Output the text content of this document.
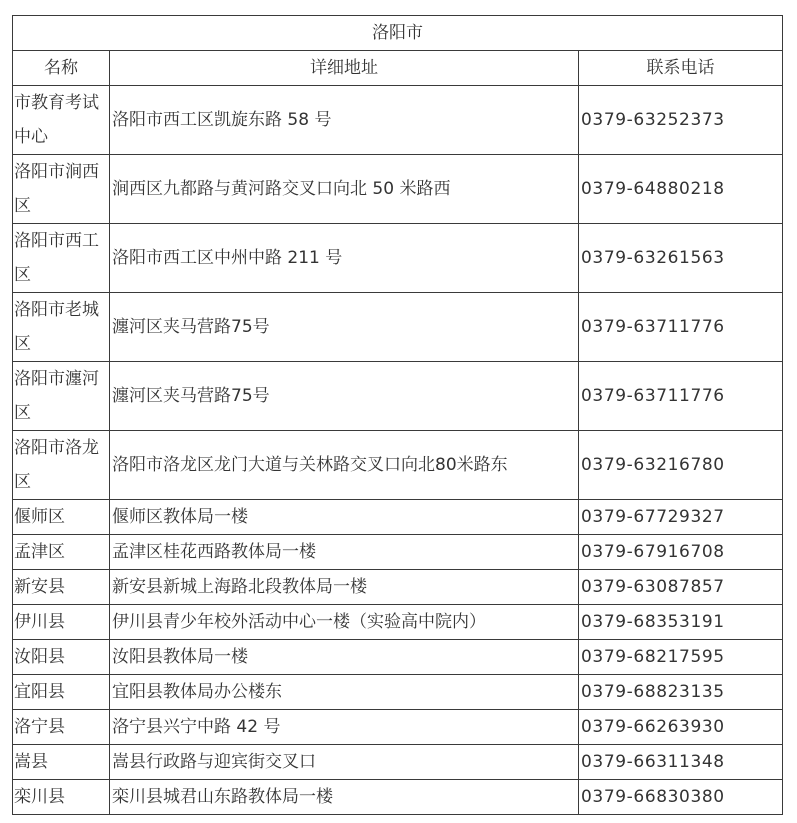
洛阳市		
名称	详细地址	联系电话
市教育考试中心	洛阳市西工区凯旋东路 58 号	0379-63252373
洛阳市涧西区	涧西区九都路与黄河路交叉口向北 50 米路西	0379-64880218
洛阳市西工区	洛阳市西工区中州中路 211 号	0379-63261563
洛阳市老城区	瀍河区夹马营路75号	0379-63711776
洛阳市瀍河区	瀍河区夹马营路75号	0379-63711776
洛阳市洛龙区	洛阳市洛龙区龙门大道与关林路交叉口向北80米路东	0379-63216780
偃师区	偃师区教体局一楼	0379-67729327
孟津区	孟津区桂花西路教体局一楼	0379-67916708
新安县	新安县新城上海路北段教体局一楼	0379-63087857
伊川县	伊川县青少年校外活动中心一楼（实验高中院内）	0379-68353191
汝阳县	汝阳县教体局一楼	0379-68217595
宜阳县	宜阳县教体局办公楼东	0379-68823135
洛宁县	洛宁县兴宁中路 42 号	0379-66263930
嵩县	嵩县行政路与迎宾街交叉口	0379-66311348
栾川县	栾川县城君山东路教体局一楼	0379-66830380
